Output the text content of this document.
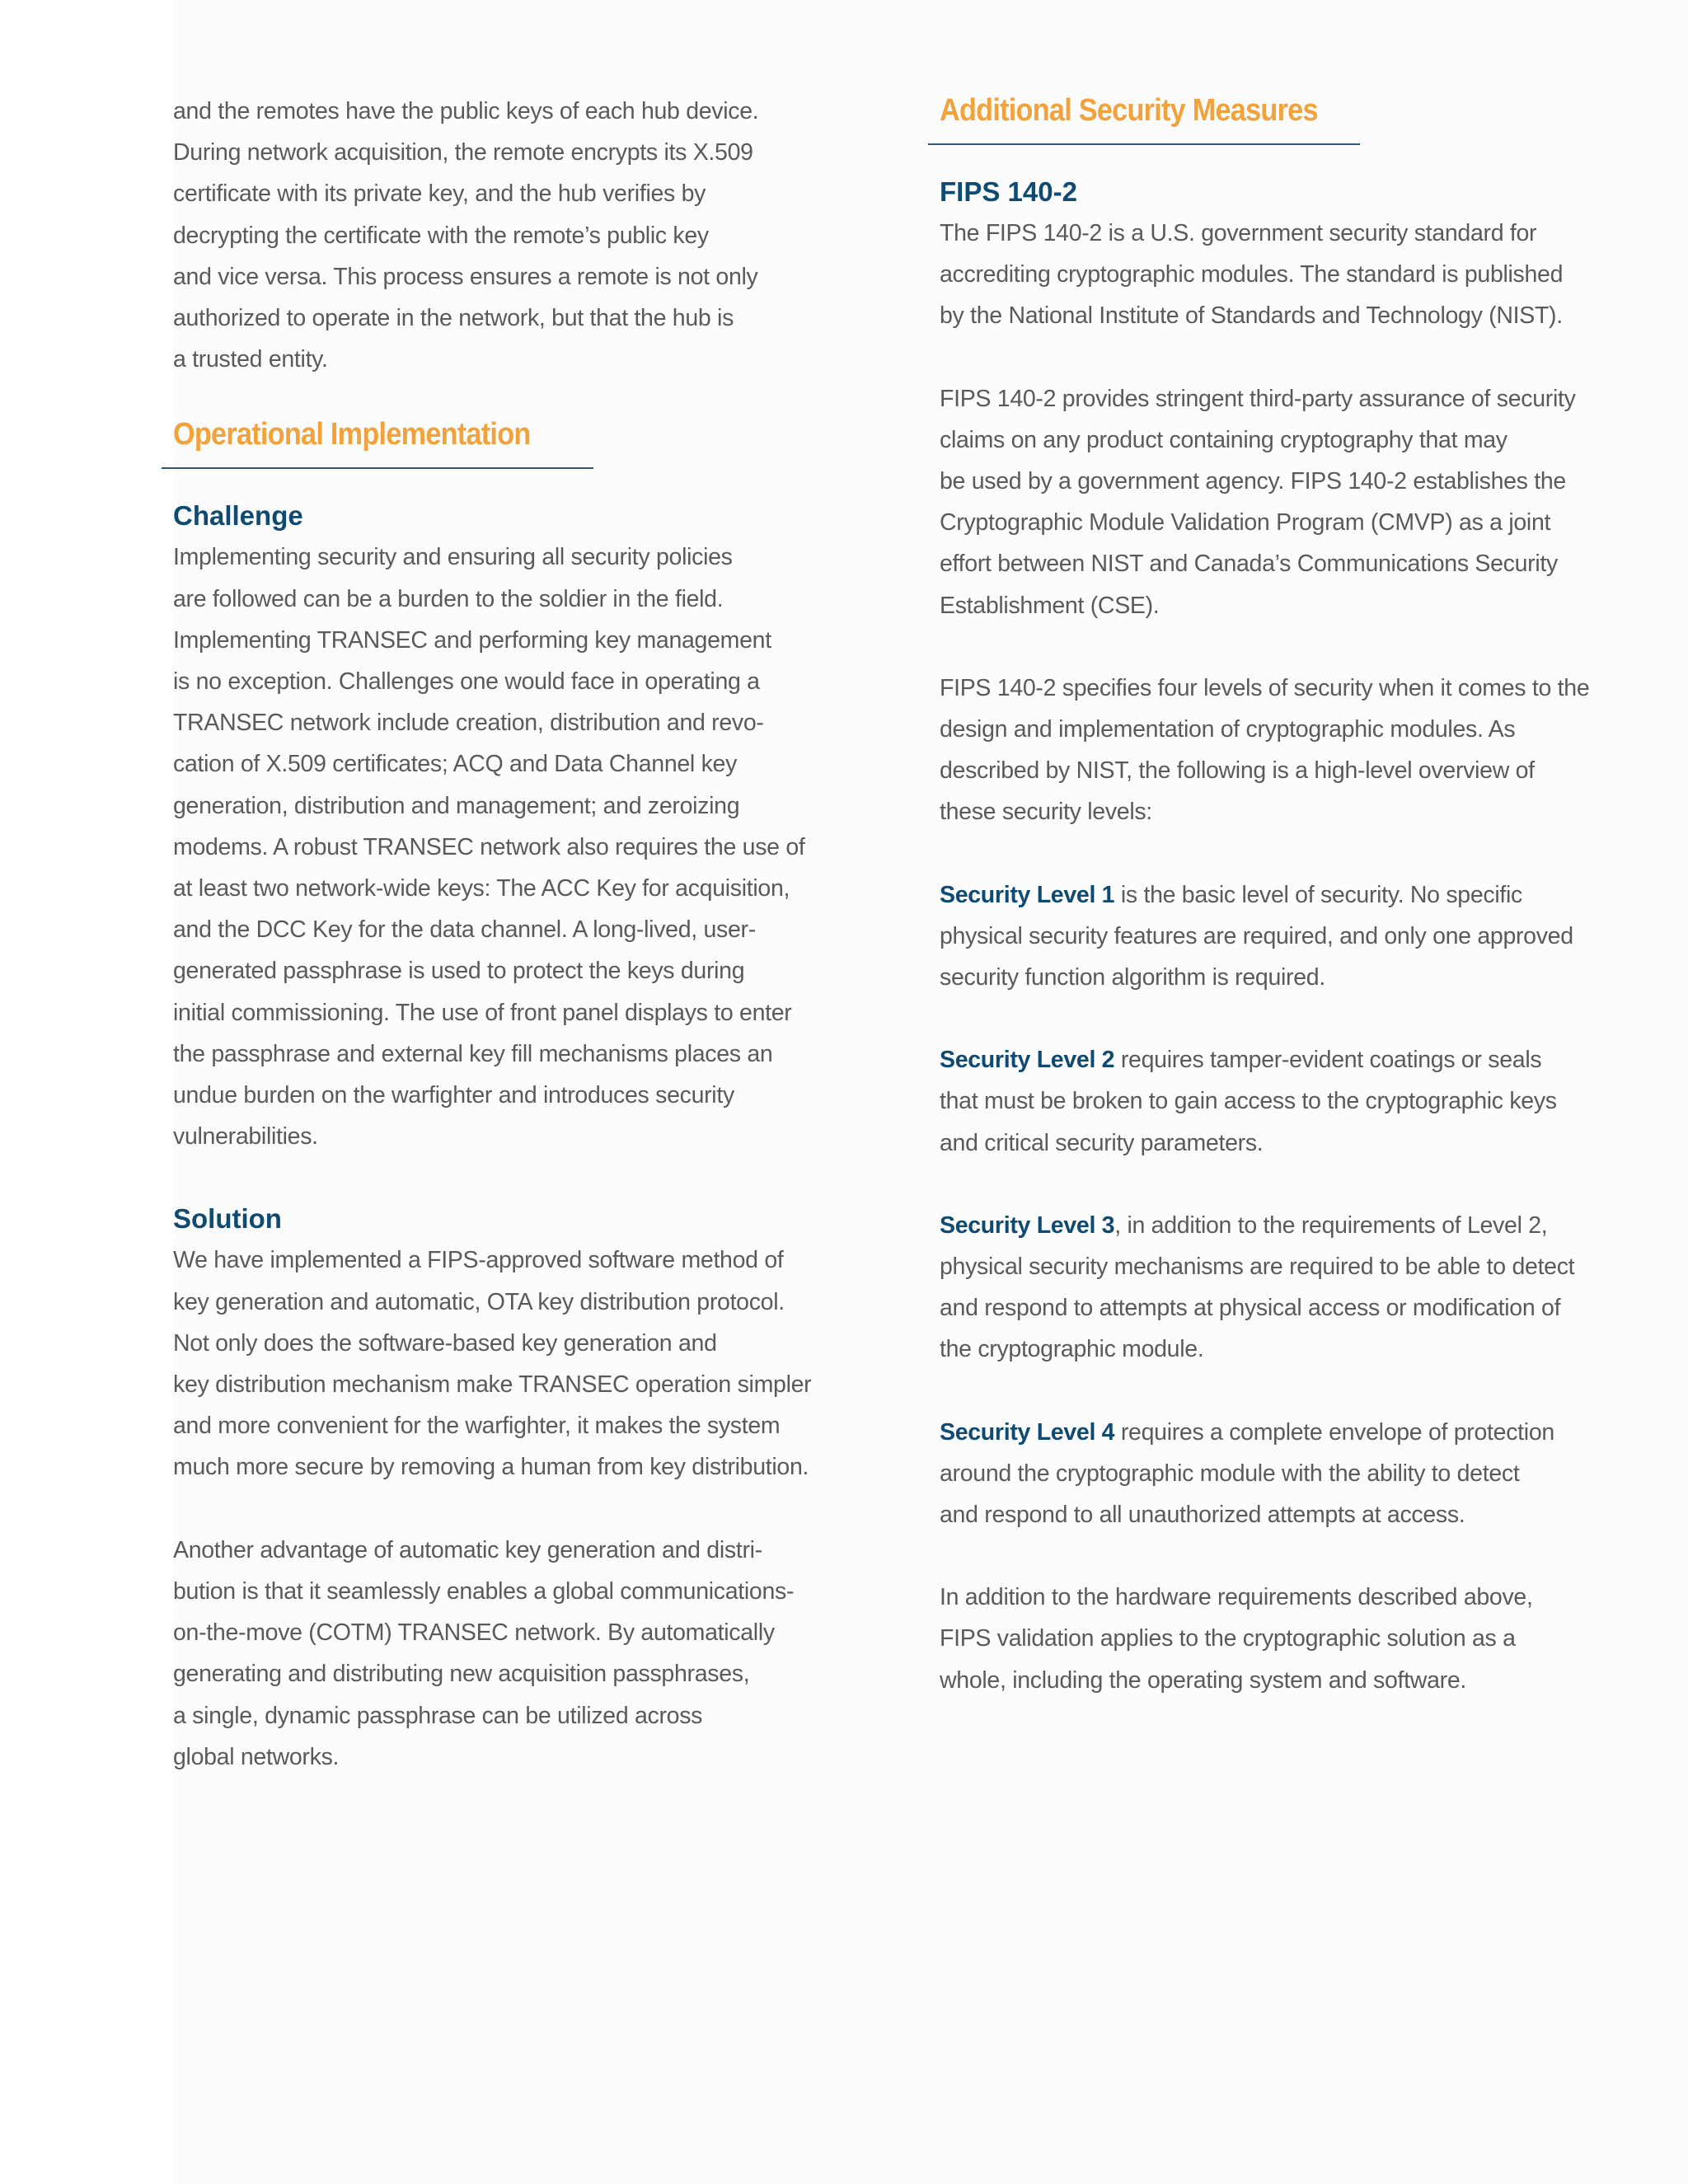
and the remotes have the public keys of each hub device.
During network acquisition, the remote encrypts its X.509
certificate with its private key, and the hub verifies by
decrypting the certificate with the remote’s public key
and vice versa. This process ensures a remote is not only
authorized to operate in the network, but that the hub is
a trusted entity.

Operational Implementation
Challenge

Implementing security and ensuring all security policies
are followed can be a burden to the soldier in the field.
Implementing TRANSEC and performing key management
is no exception. Challenges one would face in operating a
TRANSEC network include creation, distribution and revo-
cation of X.509 certificates; ACQ and Data Channel key
generation, distribution and management; and zeroizing
modems. A robust TRANSEC network also requires the use of
at least two network-wide keys: The ACC Key for acquisition,
and the DCC Key for the data channel. A long-lived, user-
generated passphrase is used to protect the keys during
initial commissioning. The use of front panel displays to enter
the passphrase and external key fill mechanisms places an
undue burden on the warfighter and introduces security
vulnerabilities.

Solution

We have implemented a FIPS-approved software method of
key generation and automatic, OTA key distribution protocol.
Not only does the software-based key generation and
key distribution mechanism make TRANSEC operation simpler
and more convenient for the warfighter, it makes the system
much more secure by removing a human from key distribution.

Another advantage of automatic key generation and distri-
bution is that it seamlessly enables a global communications-
on-the-move (COTM) TRANSEC network. By automatically
generating and distributing new acquisition passphrases,
a single, dynamic passphrase can be utilized across
global networks.

Additional Security Measures
FIPS 140-2

The FIPS 140-2 is a U.S. government security standard for
accrediting cryptographic modules. The standard is published
by the National Institute of Standards and Technology (NIST).

FIPS 140-2 provides stringent third-party assurance of security
claims on any product containing cryptography that may
be used by a government agency. FIPS 140-2 establishes the
Cryptographic Module Validation Program (CMVP) as a joint
effort between NIST and Canada’s Communications Security
Establishment (CSE).

FIPS 140-2 specifies four levels of security when it comes to the
design and implementation of cryptographic modules. As
described by NIST, the following is a high-level overview of
these security levels:

Security Level 1 is the basic level of security. No specific
physical security features are required, and only one approved
security function algorithm is required.

Security Level 2 requires tamper-evident coatings or seals
that must be broken to gain access to the cryptographic keys
and critical security parameters.

Security Level 3, in addition to the requirements of Level 2,
physical security mechanisms are required to be able to detect
and respond to attempts at physical access or modification of
the cryptographic module.

Security Level 4 requires a complete envelope of protection
around the cryptographic module with the ability to detect
and respond to all unauthorized attempts at access.

In addition to the hardware requirements described above,
FIPS validation applies to the cryptographic solution as a
whole, including the operating system and software.
